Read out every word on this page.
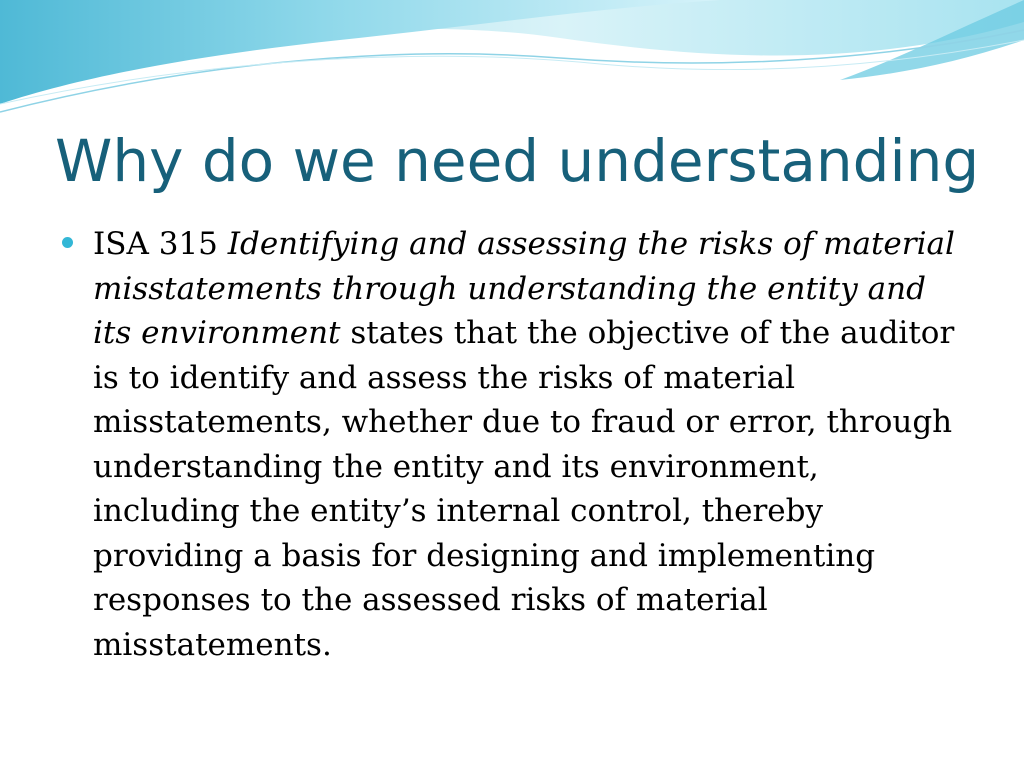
Why do we need understanding
ISA 315 Identifying and assessing the risks of material
misstatements through understanding the entity and
its environment states that the objective of the auditor
is to identify and assess the risks of material
misstatements, whether due to fraud or error, through
understanding the entity and its environment,
including the entity’s internal control, thereby
providing a basis for designing and implementing
responses to the assessed risks of material
misstatements.
